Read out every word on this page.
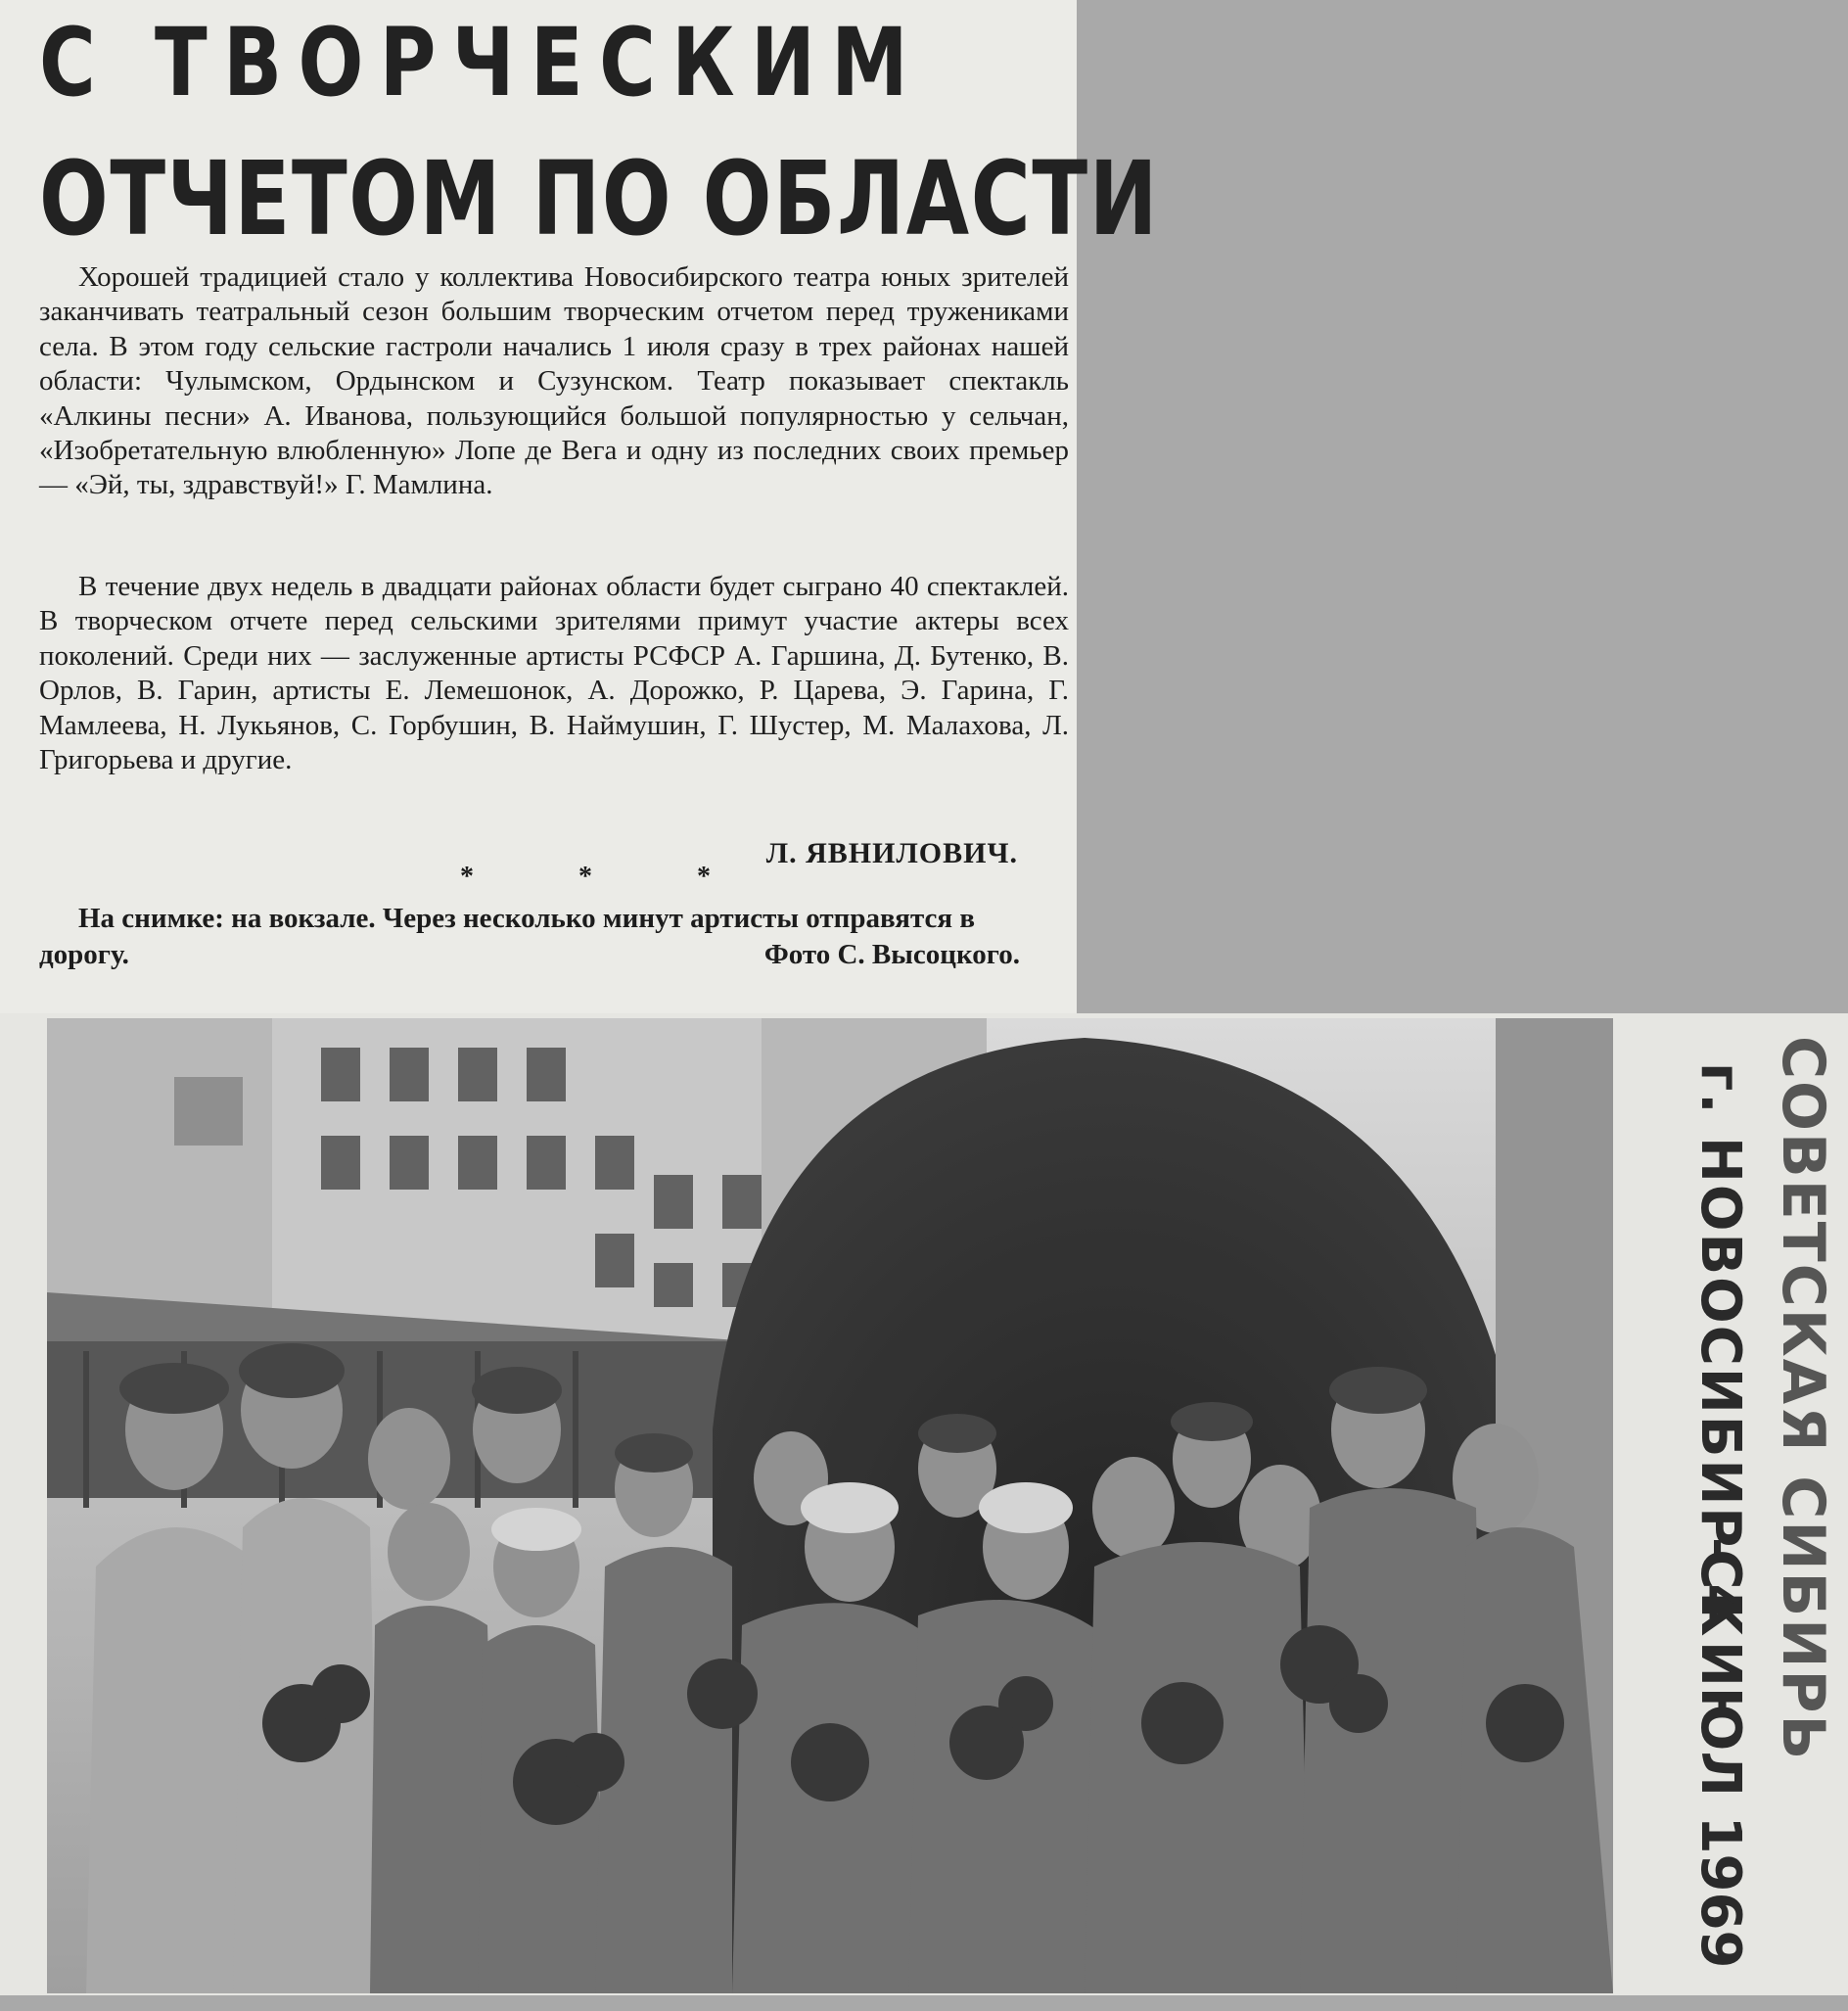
С ТВОРЧЕСКИМ
ОТЧЕТОМ ПО ОБЛАСТИ

Хорошей традицией стало у коллектива Новосибирского театра юных зрителей заканчивать театральный сезон большим творческим отчетом перед тружениками села. В этом году сельские гастроли начались 1 июля сразу в трех районах нашей области: Чулымском, Ордынском и Сузунском. Театр показывает спектакль «Алкины песни» А. Иванова, пользующийся большой популярностью у сельчан, «Изобретательную влюбленную» Лопе де Вега и одну из последних своих премьер — «Эй, ты, здравствуй!» Г. Мамлина.

В течение двух недель в двадцати районах области будет сыграно 40 спектаклей. В творческом отчете перед сельскими зрителями примут участие актеры всех поколений. Среди них — заслуженные артисты РСФСР А. Гаршина, Д. Бутенко, В. Орлов, В. Гарин, артисты Е. Лемешонок, А. Дорожко, Р. Царева, Э. Гарина, Г. Мамлеева, Н. Лукьянов, С. Горбушин, В. Наймушин, Г. Шустер, М. Малахова, Л. Григорьева и другие.

Л. ЯВНИЛОВИЧ.
* * *
На снимке: на вокзале. Через несколько минут артисты отправятся в дорогу.	Фото С. Высоцкого.
СОВЕТСКАЯ СИБИРЬ
г. НОВОСИБИРСК
– 4 ИЮЛ 1969
